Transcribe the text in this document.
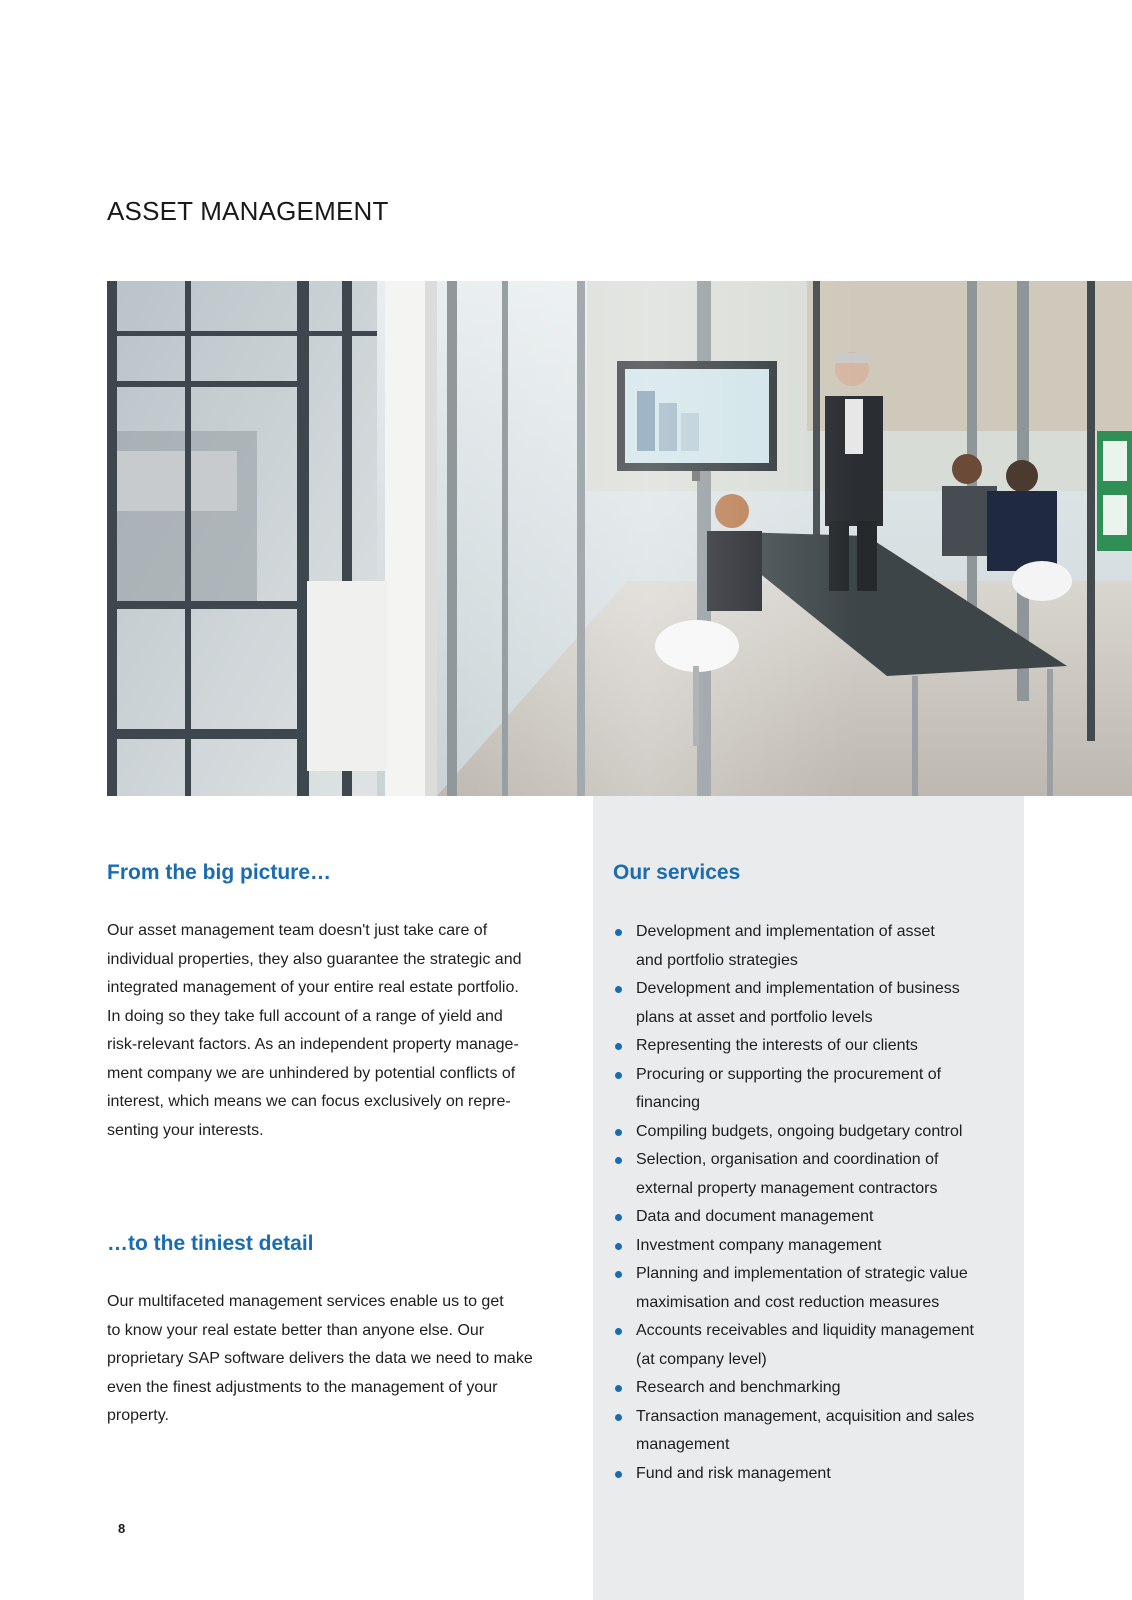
ASSET MANAGEMENT
From the big picture…

Our asset management team doesn't just take care of
individual properties, they also guarantee the strategic and
integrated management of your entire real estate portfolio.
In doing so they take full account of a range of yield and
risk-relevant factors. As an independent property manage-
ment company we are unhindered by potential conflicts of
interest, which means we can focus exclusively on repre-
senting your interests.

…to the tiniest detail

Our multifaceted management services enable us to get
to know your real estate better than anyone else. Our
proprietary SAP software delivers the data we need to make
even the finest adjustments to the management of your
property.

Our services
Development and implementation of asset
and portfolio strategies
Development and implementation of business
plans at asset and portfolio levels
Representing the interests of our clients
Procuring or supporting the procurement of
financing
Compiling budgets, ongoing budgetary control
Selection, organisation and coordination of
external property management contractors
Data and document management
Investment company management
Planning and implementation of strategic value
maximisation and cost reduction measures
Accounts receivables and liquidity management
(at company level)
Research and benchmarking
Transaction management, acquisition and sales
management
Fund and risk management
8
